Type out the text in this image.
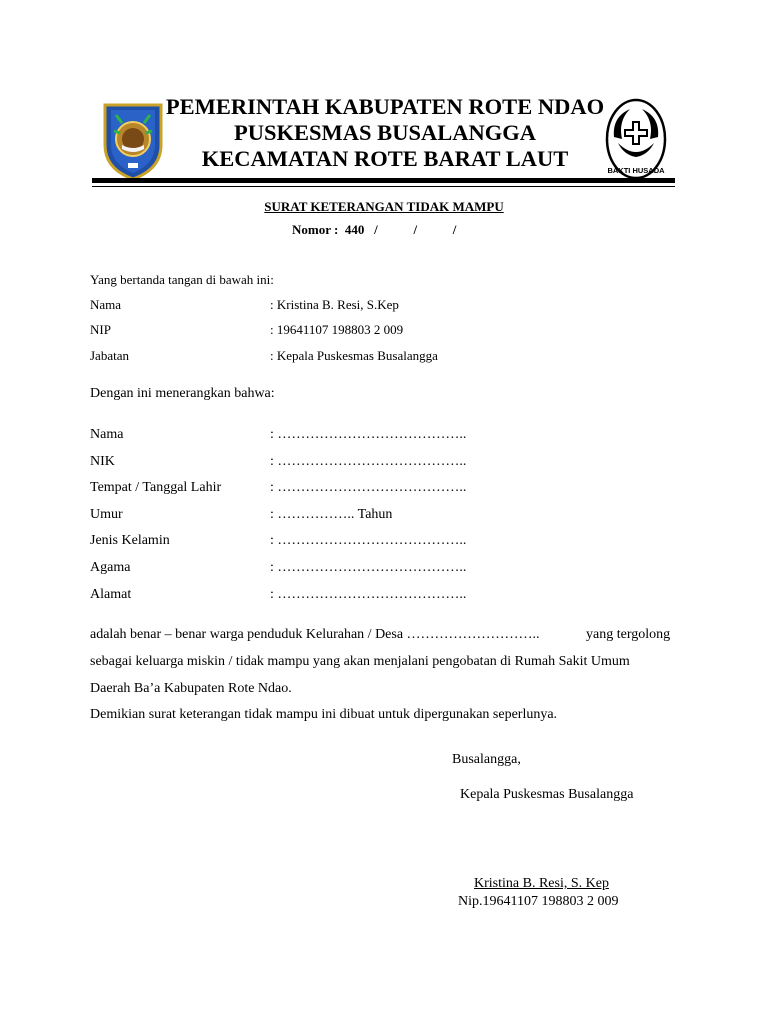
BAKTI HUSADA
PEMERINTAH KABUPATEN ROTE NDAO
PUSKESMAS BUSALANGGA
KECAMATAN ROTE BARAT LAUT
SURAT KETERANGAN TIDAK MAMPU
Nomor :  440   /           /           /
Yang bertanda tangan di bawah ini:
Nama	: Kristina B. Resi, S.Kep
NIP	: 19641107 198803 2 009
Jabatan	: Kepala Puskesmas Busalangga
Dengan ini menerangkan bahwa:
Nama	: …………………………………..
NIK	: …………………………………..
Tempat / Tanggal Lahir	: …………………………………..
Umur	: …………….. Tahun
Jenis Kelamin	: …………………………………..
Agama	: …………………………………..
Alamat	: …………………………………..
adalah benar – benar warga penduduk Kelurahan / Desa ………………………..	yang tergolong
sebagai keluarga miskin / tidak mampu yang akan menjalani pengobatan di Rumah Sakit Umum
Daerah Ba’a Kabupaten Rote Ndao.
Demikian surat keterangan tidak mampu ini dibuat untuk dipergunakan seperlunya.
Busalangga,
Kepala Puskesmas Busalangga
Kristina B. Resi, S. Kep
Nip.19641107 198803 2 009
